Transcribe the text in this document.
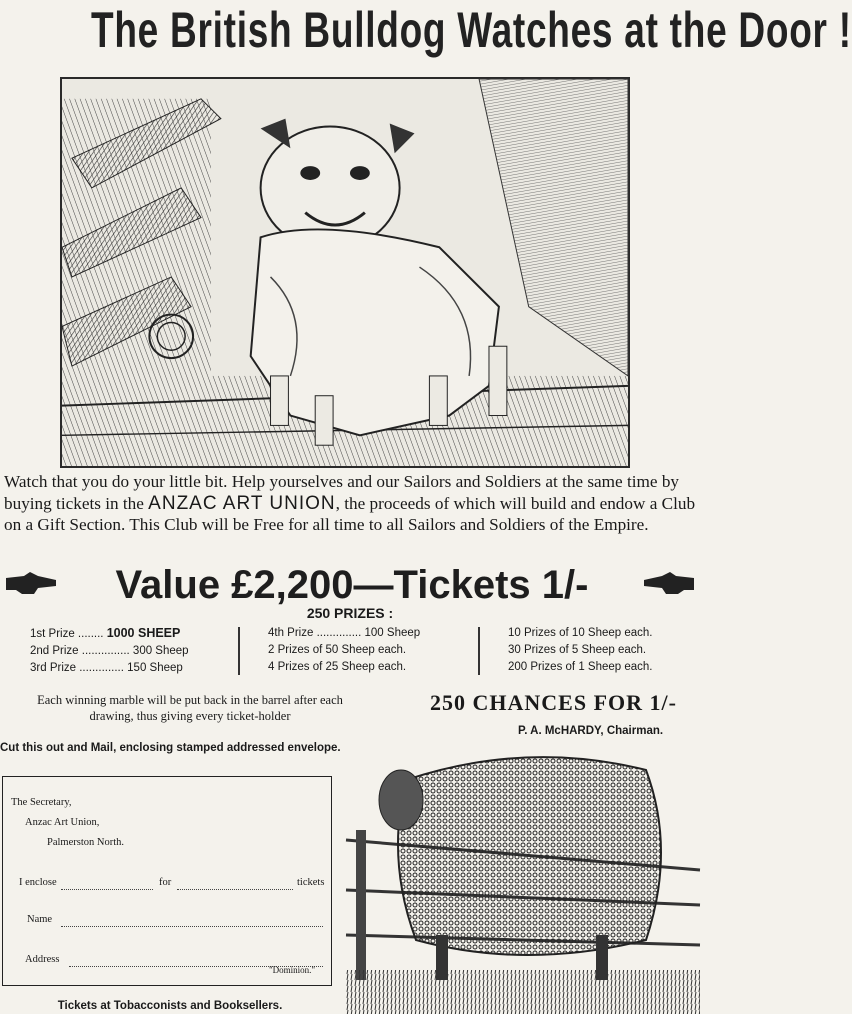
The British Bulldog Watches at the Door !
Watch that you do your little bit. Help yourselves and our Sailors and Soldiers at the same time by buying tickets in the ANZAC ART UNION, the proceeds of which will build and endow a Club on a Gift Section. This Club will be Free for all time to all Sailors and Soldiers of the Empire.
Value £2,200—Tickets 1/-
250 PRIZES :
1st Prize ........ 1000 SHEEP
2nd Prize ............... 300 Sheep
3rd Prize .............. 150 Sheep
4th Prize .............. 100 Sheep
2 Prizes of 50 Sheep each.
4 Prizes of 25 Sheep each.
10 Prizes of 10 Sheep each.
30 Prizes of 5 Sheep each.
200 Prizes of 1 Sheep each.
Each winning marble will be put back in the barrel after each drawing, thus giving every ticket-holder
250 CHANCES FOR 1/-
P. A. McHARDY, Chairman.
Cut this out and Mail, enclosing stamped addressed envelope.
The Secretary,
Anzac Art Union,
Palmerston North.
I enclose	for	tickets
Name
Address
"Dominion."
Tickets at Tobacconists and Booksellers.
